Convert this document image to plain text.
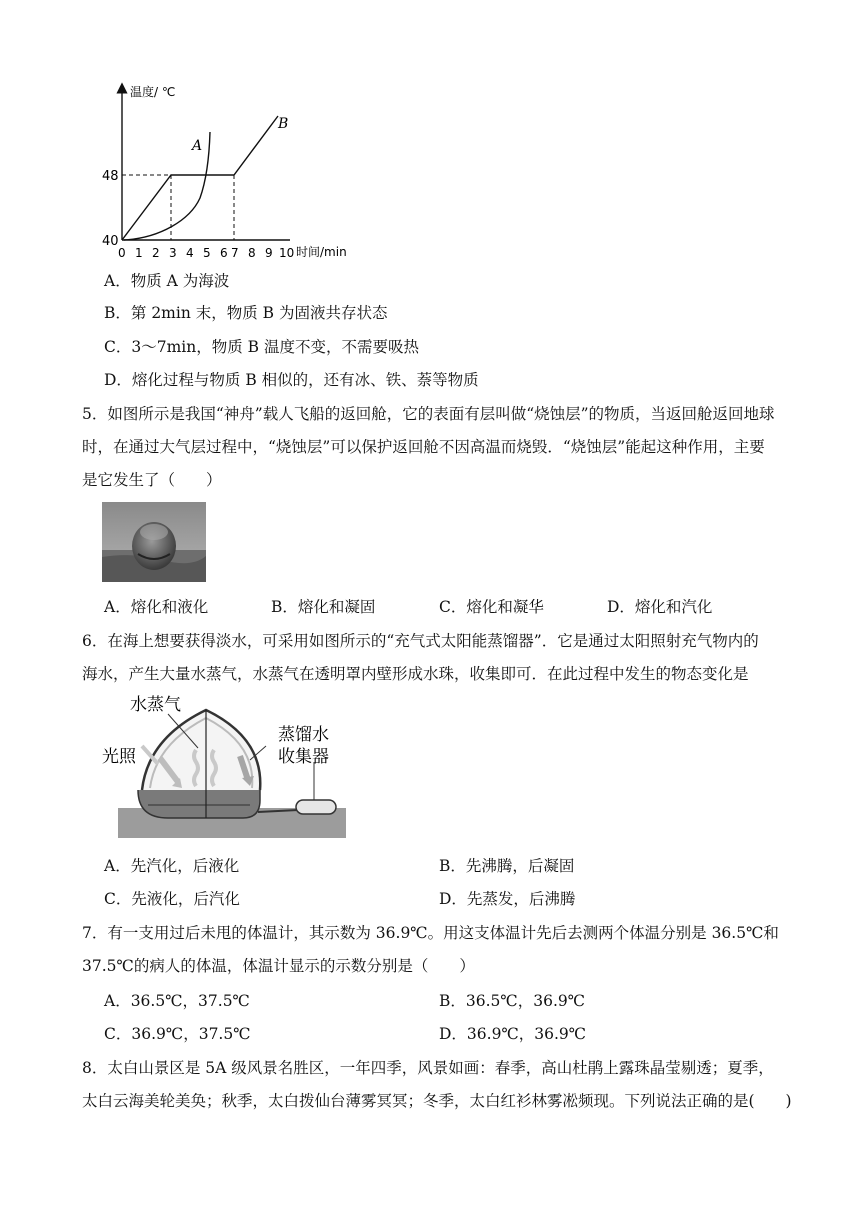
温度/ ℃
时间/min
40
48
0 1 2 3 4 5 6 7 8 9 10
B
A
A．物质 A 为海波
B．第 2min 末，物质 B 为固液共存状态
C．3～7min，物质 B 温度不变，不需要吸热
D．熔化过程与物质 B 相似的，还有冰、铁、萘等物质
5．如图所示是我国“神舟”载人飞船的返回舱，它的表面有层叫做“烧蚀层”的物质，当返回舱返回地球
时，在通过大气层过程中，“烧蚀层”可以保护返回舱不因高温而烧毁．“烧蚀层”能起这种作用，主要
是它发生了（　　）
A．熔化和液化	B．熔化和凝固	C．熔化和凝华	D．熔化和汽化
6．在海上想要获得淡水，可采用如图所示的“充气式太阳能蒸馏器”．它是通过太阳照射充气物内的
海水，产生大量水蒸气，水蒸气在透明罩内壁形成水珠，收集即可．在此过程中发生的物态变化是
水蒸气
光照
蒸馏水
收集器
A．先汽化，后液化	B．先沸腾，后凝固
C．先液化，后汽化	D．先蒸发，后沸腾
7．有一支用过后未甩的体温计，其示数为 36.9℃。用这支体温计先后去测两个体温分别是 36.5℃和
37.5℃的病人的体温，体温计显示的示数分别是（　　）
A．36.5℃，37.5℃	B．36.5℃，36.9℃
C．36.9℃，37.5℃	D．36.9℃，36.9℃
8．太白山景区是 5A 级风景名胜区，一年四季，风景如画：春季，高山杜鹃上露珠晶莹剔透；夏季，
太白云海美轮美奂；秋季，太白拨仙台薄雾冥冥；冬季，太白红衫林雾凇频现。下列说法正确的是(　　)
